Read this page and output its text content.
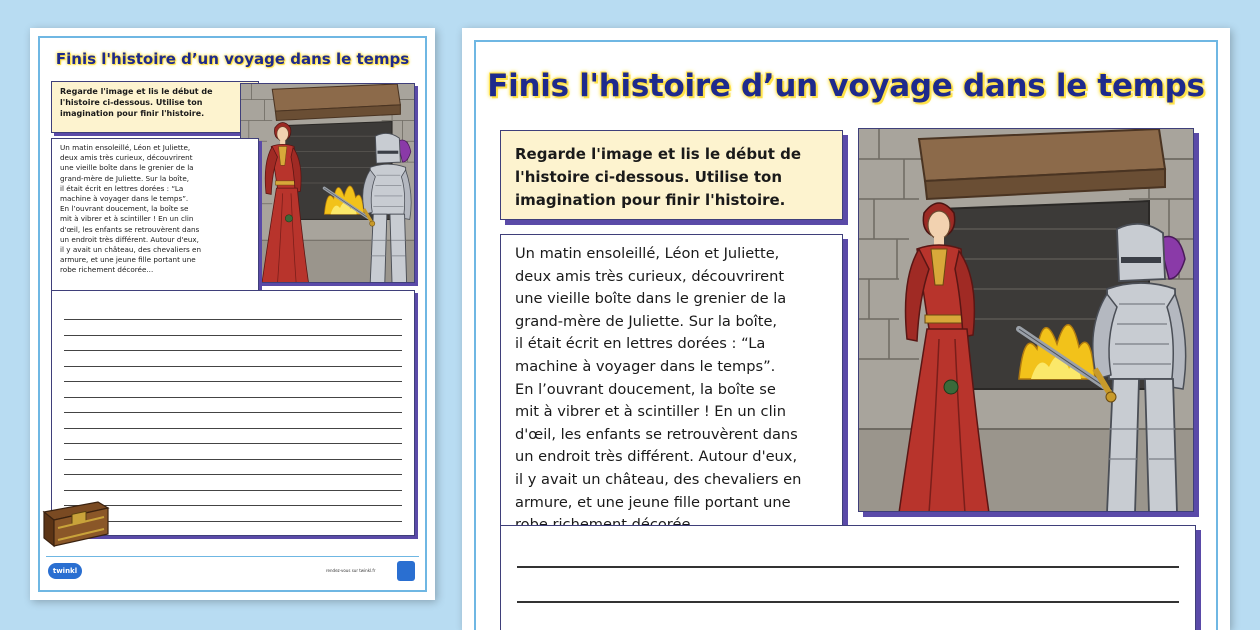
Finis l'histoire d’un voyage dans le temps
Regarde l'image et lis le début de l'histoire ci-dessous. Utilise ton imagination pour finir l'histoire.
Un matin ensoleillé, Léon et Juliette,
deux amis très curieux, découvrirent
une vieille boîte dans le grenier de la
grand-mère de Juliette. Sur la boîte,
il était écrit en lettres dorées : “La
machine à voyager dans le temps”.
En l’ouvrant doucement, la boîte se
mit à vibrer et à scintiller ! En un clin
d'œil, les enfants se retrouvèrent dans
un endroit très différent. Autour d'eux,
il y avait un château, des chevaliers en
armure, et une jeune fille portant une
robe richement décorée...
twinkl	rendez-vous sur twinkl.fr
Finis l'histoire d’un voyage dans le temps
Regarde l'image et lis le début de l'histoire ci-dessous. Utilise ton imagination pour finir l'histoire.
Un matin ensoleillé, Léon et Juliette,
deux amis très curieux, découvrirent
une vieille boîte dans le grenier de la
grand-mère de Juliette. Sur la boîte,
il était écrit en lettres dorées : “La
machine à voyager dans le temps”.
En l’ouvrant doucement, la boîte se
mit à vibrer et à scintiller ! En un clin
d'œil, les enfants se retrouvèrent dans
un endroit très différent. Autour d'eux,
il y avait un château, des chevaliers en
armure, et une jeune fille portant une
